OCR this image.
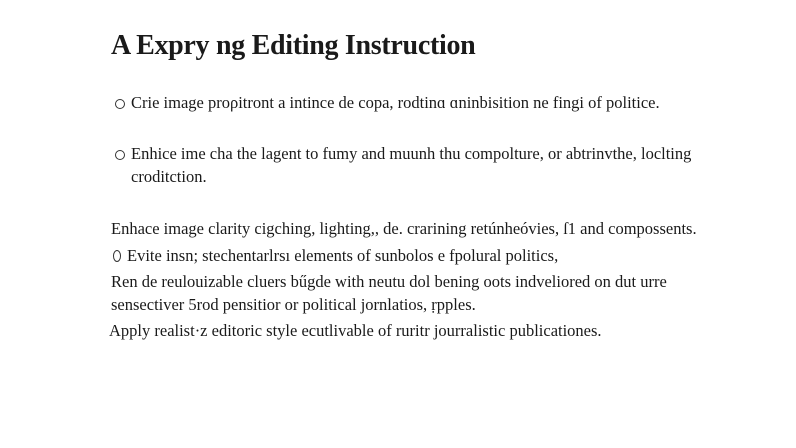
A Expry ng Editing Instruction
Crie image proρitront a intince de copa, rodtinɑ ɑninbisition ne fingi of politice.
Enhice ime cha the lagent to fumy and muunh thu compolture, or abtrinvthe, loclting
croditction.
Enhace image clarity cigching, lighting,, de. crarining retúnheóvies, ſ1 and compossents.
Evite insn; stechentarlrsı elements of sunbolos e fpolural politics,
Ren de reulouizable cluers bűgde with neutu dol bening oots indveliored on dut urre
sensectiver 5rod pensitior or political jornlatios, ṛpples.
Apply realist·z editoric style ecutlivable of ruritr jourralistic publicationes.
